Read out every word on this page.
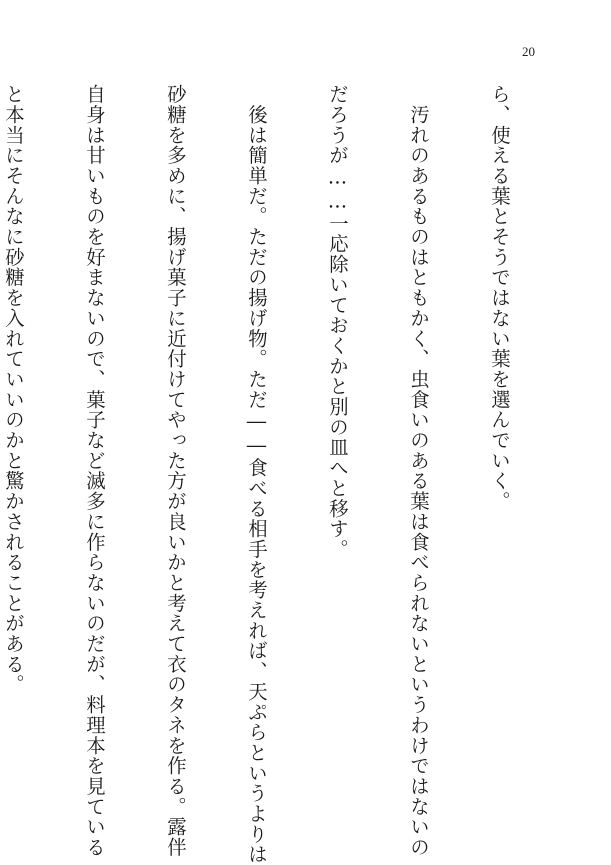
20

ら、使える葉とそうではない葉を選んでいく。

　汚れのあるものはともかく、虫食いのある葉は食べられないというわけではないの

だろうが……一応除いておくかと別の皿へと移す。

　後は簡単だ。ただの揚げ物。ただ――食べる相手を考えれば、天ぷらというよりは

砂糖を多めに、揚げ菓子に近付けてやった方が良いかと考えて衣のタネを作る。露伴

自身は甘いものを好まないので、菓子など滅多に作らないのだが、料理本を見ている

と本当にそんなに砂糖を入れていいのかと驚かされることがある。
